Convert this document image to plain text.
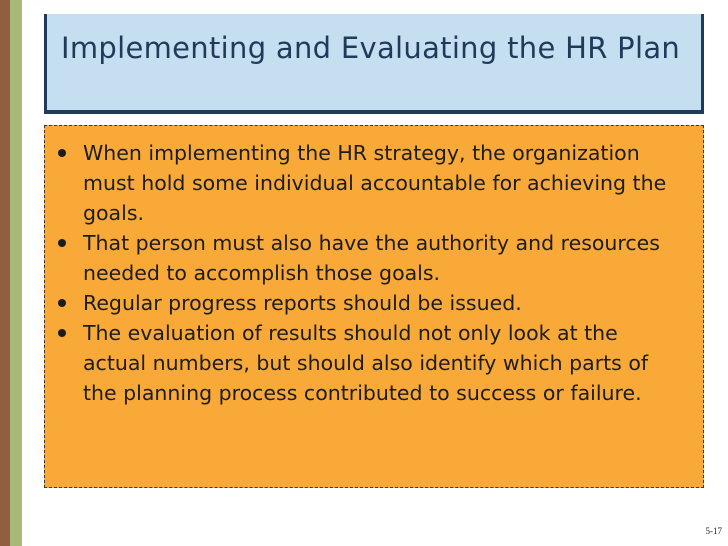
Implementing and Evaluating the HR Plan
When implementing the HR strategy, the organization must hold some individual accountable for achieving the goals.
That person must also have the authority and resources needed to accomplish those goals.
Regular progress reports should be issued.
The evaluation of results should not only look at the actual numbers, but should also identify which parts of the planning process contributed to success or failure.
5-17
